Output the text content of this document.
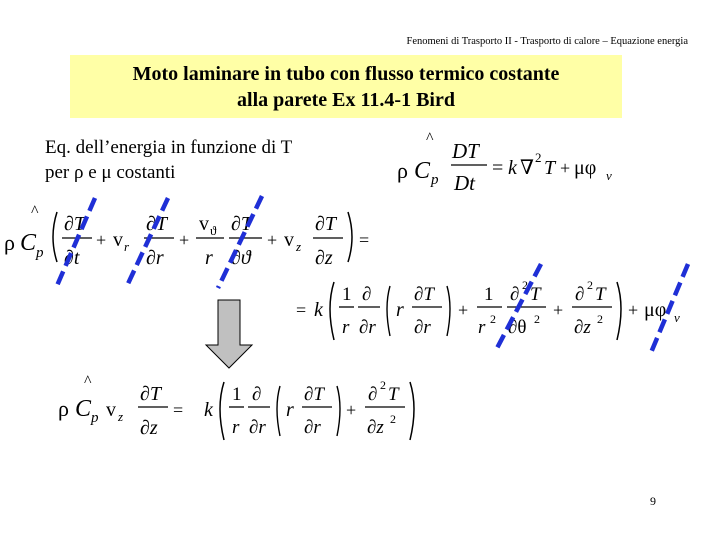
Fenomeni di Trasporto II - Trasporto di calore – Equazione energia
Moto laminare in tubo con flusso termico costante
alla parete Ex 11.4-1 Bird
Eq. dell’energia in funzione di T
per ρ e μ costanti
^
ρ C p
DT
Dt
= k ∇ 2 T + μφ v
^
ρ C p
∂T
∂t
+ v r
∂T
∂r
+
v ϑ
r
∂T
∂ϑ
+ v z
∂T
∂z
=
= k
1
r
∂
∂r
r
∂T
∂r
+
1
r 2
∂ 2 T
∂θ 2 +
∂ 2 T
∂z 2 + μφ v
^
ρ C p v z
∂T
∂z
= k
1
r
∂
∂r
r
∂T
∂r
+
∂ 2 T
∂z 2
9
